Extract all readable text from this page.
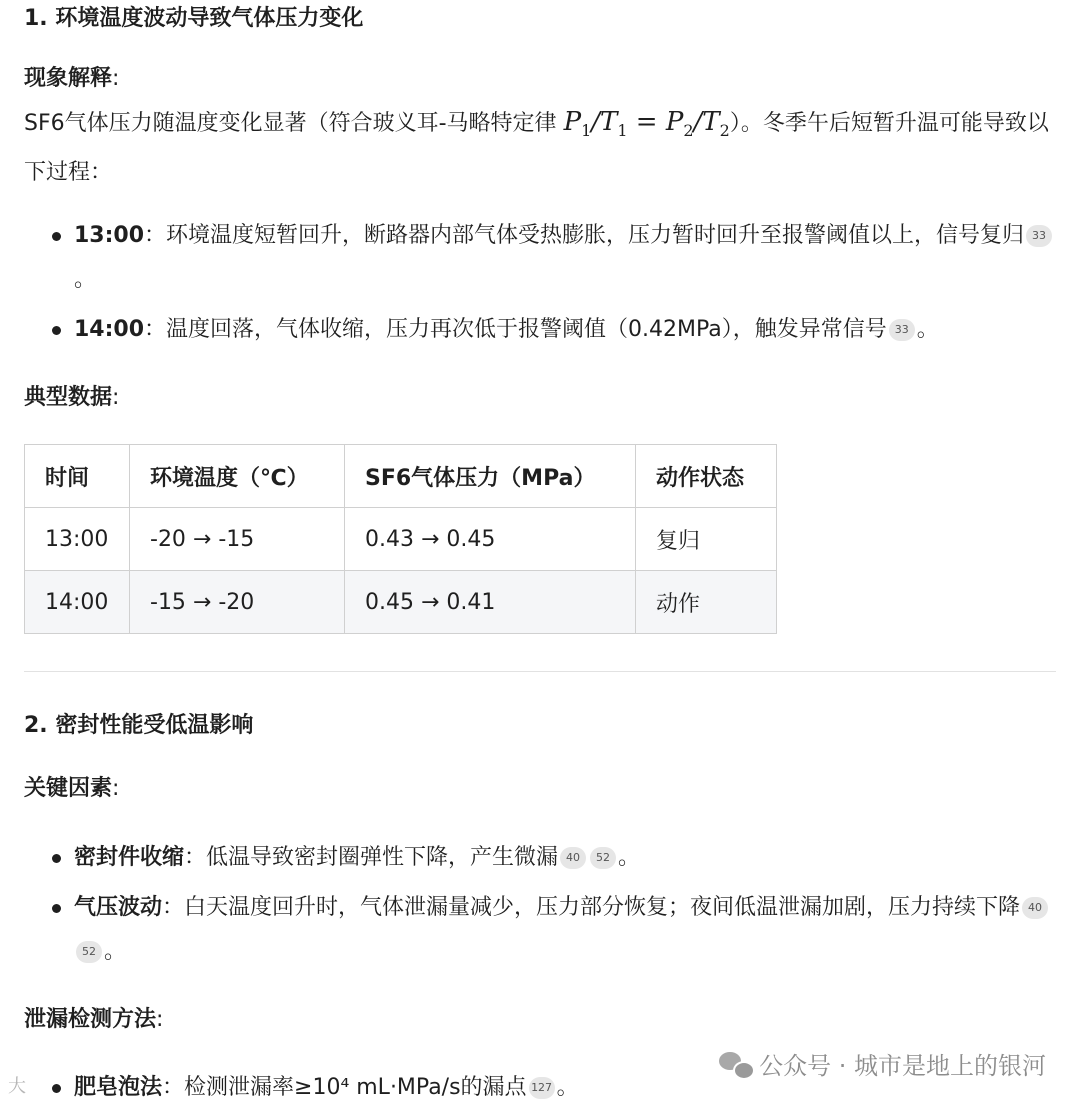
1. 环境温度波动导致气体压力变化
现象解释:
SF6气体压力随温度变化显著（符合玻义耳-马略特定律 $P_1/T_1 = P_2/T_2$）。冬季午后短暂升温可能导致以下过程：
13:00：环境温度短暂回升，断路器内部气体受热膨胀，压力暂时回升至报警阈值以上，信号复归 33。
14:00：温度回落，气体收缩，压力再次低于报警阈值（0.42MPa），触发异常信号 33 。
典型数据:
时间	环境温度（℃）	SF6气体压力（MPa）	动作状态
13:00	-20 → -15	0.43 → 0.45	复归
14:00	-15 → -20	0.45 → 0.41	动作
2. 密封性能受低温影响
关键因素:
密封件收缩：低温导致密封圈弹性下降，产生微漏 40 52 。
气压波动：白天温度回升时，气体泄漏量减少，压力部分恢复；夜间低温泄漏加剧，压力持续下降 4052 。
泄漏检测方法:
肥皂泡法：检测泄漏率≥10⁴ mL·MPa/s的漏点 127 。
公众号 · 城市是地上的银河
大
